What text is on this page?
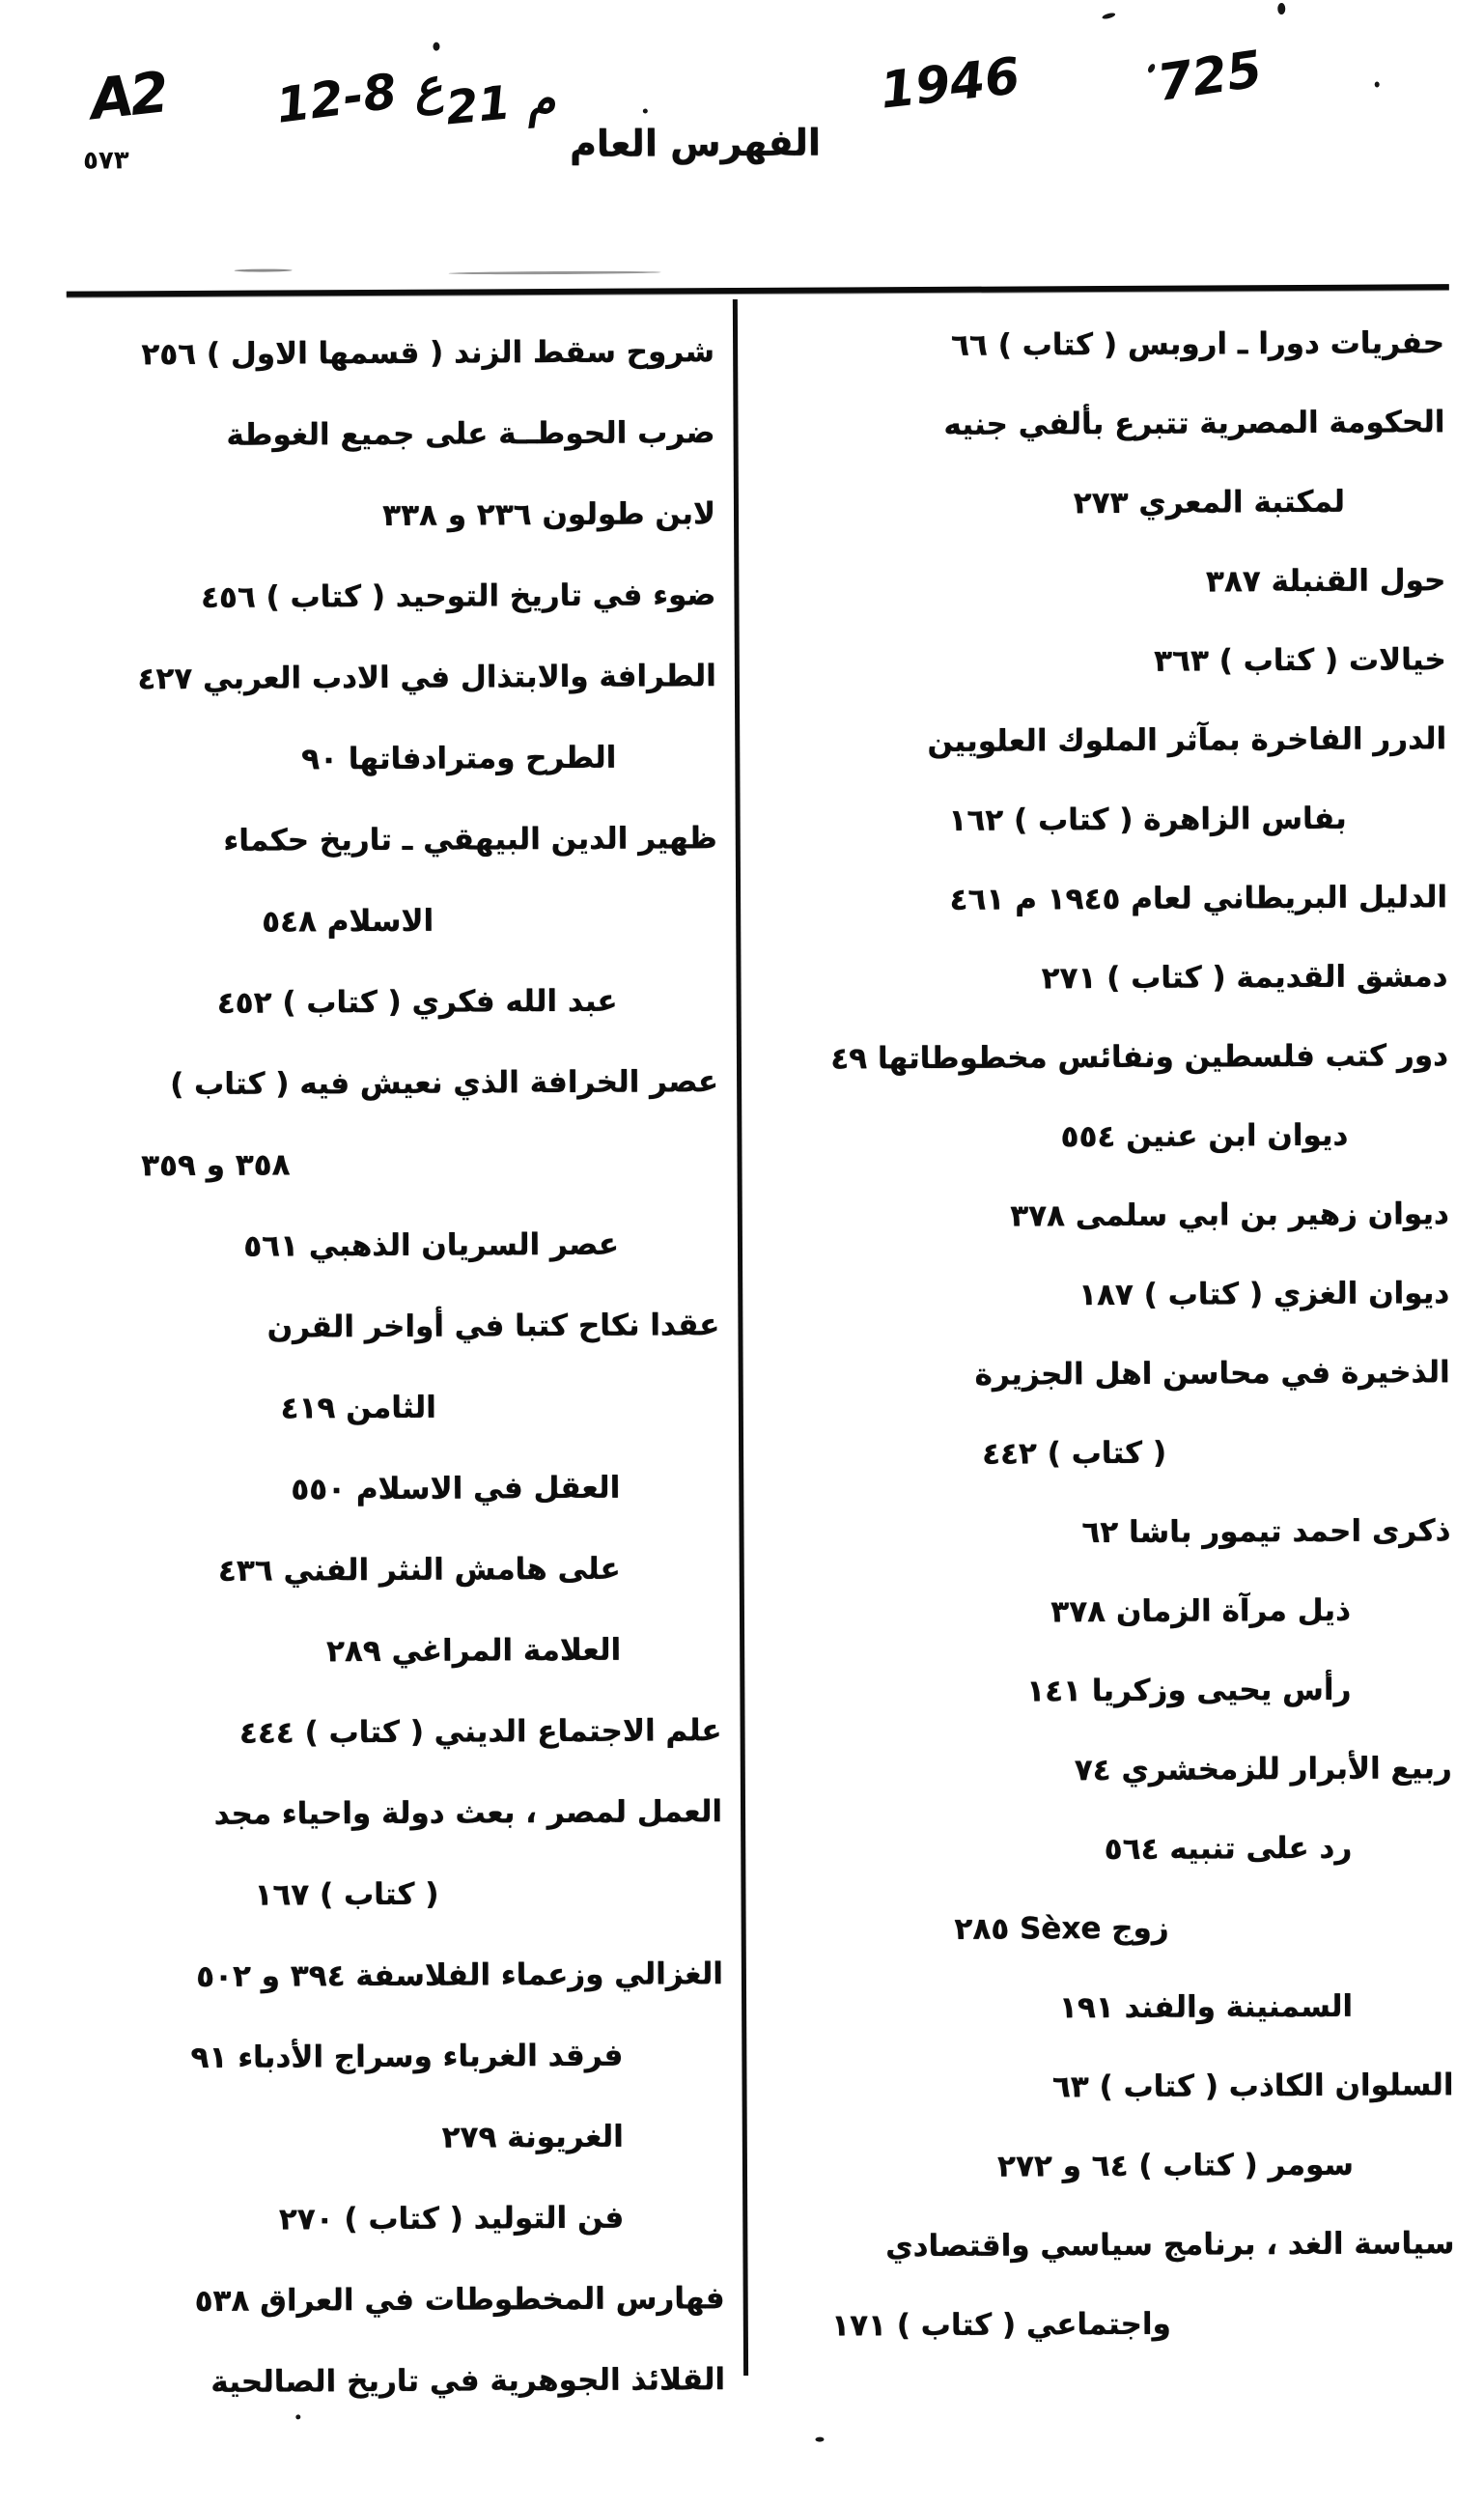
A2 12-8 ع
21 م	1946	725
٥٧٣	الفهرس العام
حفريات دورا ـ اروبس ( كتاب ) ٦٦
الحكومة المصرية تتبرع بألفي جنيه
لمكتبة المعري ٢٧٣
حول القنبلة ٣٨٧
خيالات ( كتاب ) ٣٦٣
الدرر الفاخرة بمآثر الملوك العلويين
بفاس الزاهرة ( كتاب ) ١٦٢
الدليل البريطاني لعام ١٩٤٥ م ٤٦١
دمشق القديمة ( كتاب ) ٢٧١
دور كتب فلسطين ونفائس مخطوطاتها ٤٩
ديوان ابن عنين ٥٥٤
ديوان زهير بن ابي سلمى ٣٧٨
ديوان الغزي ( كتاب ) ١٨٧
الذخيرة في محاسن اهل الجزيرة
( كتاب ) ٤٤٢
ذكرى احمد تيمور باشا ٦٢
ذيل مرآة الزمان ٣٧٨
رأس يحيى وزكريا ١٤١
ربيع الأبرار للزمخشري ٧٤
رد على تنبيه ٥٦٤
زوج Sèxe ٢٨٥
السمنينة والفند ١٩١
السلوان الكاذب ( كتاب ) ٦٣
سومر ( كتاب ) ٦٤ و ٢٧٢
سياسة الغد ، برنامج سياسي واقتصادي
واجتماعي ( كتاب ) ١٧١
شروح سقط الزند ( قسمها الاول ) ٢٥٦
ضرب الحوطــة على جميع الغوطة
لابن طولون ٢٣٦ و ٣٣٨
ضوء في تاريخ التوحيد ( كتاب ) ٤٥٦
الطرافة والابتذال في الادب العربي ٤٢٧
الطرح ومترادفاتها ٩٠
ظهير الدين البيهقي ـ تاريخ حكماء
الاسلام ٥٤٨
عبد الله فكري ( كتاب ) ٤٥٢
عصر الخرافة الذي نعيش فيه ( كتاب )
٣٥٨ و ٣٥٩
عصر السريان الذهبي ٥٦١
عقدا نكاح كتبا في أواخر القرن
الثامن ٤١٩
العقل في الاسلام ٥٥٠
على هامش النثر الفني ٤٣٦
العلامة المراغي ٢٨٩
علم الاجتماع الديني ( كتاب ) ٤٤٤
العمل لمصر ، بعث دولة واحياء مجد
( كتاب ) ١٦٧
الغزالي وزعماء الفلاسفة ٣٩٤ و ٥٠٢
فرقد الغرباء وسراج الأدباء ٩١
الغريونة ٢٧٩
فن التوليد ( كتاب ) ٢٧٠
فهارس المخطوطات في العراق ٥٣٨
القلائذ الجوهرية في تاريخ الصالحية
